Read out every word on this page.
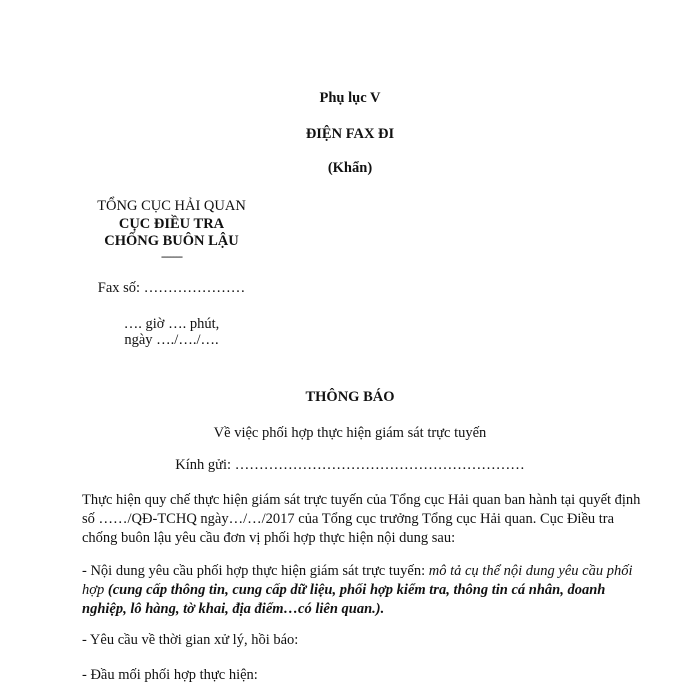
Phụ lục V
ĐIỆN FAX ĐI
(Khẩn)
TỔNG CỤC HẢI QUAN
CỤC ĐIỀU TRA
CHỐNG BUÔN LẬU
-------
Fax số: …………………
…. giờ …. phút,
ngày …./…./….
THÔNG BÁO
Về việc phối hợp thực hiện giám sát trực tuyến
Kính gửi: ……………………………………………………

Thực hiện quy chế thực hiện giám sát trực tuyến của Tổng cục Hải quan ban hành tại quyết định số ……/QĐ-TCHQ ngày…/…/2017 của Tổng cục trưởng Tổng cục Hải quan. Cục Điều tra chống buôn lậu yêu cầu đơn vị phối hợp thực hiện nội dung sau:

- Nội dung yêu cầu phối hợp thực hiện giám sát trực tuyến: mô tả cụ thể nội dung yêu cầu phối hợp (cung cấp thông tin, cung cấp dữ liệu, phối hợp kiểm tra, thông tin cá nhân, doanh nghiệp, lô hàng, tờ khai, địa điểm…có liên quan.).

- Yêu cầu về thời gian xử lý, hồi báo:

- Đầu mối phối hợp thực hiện:
